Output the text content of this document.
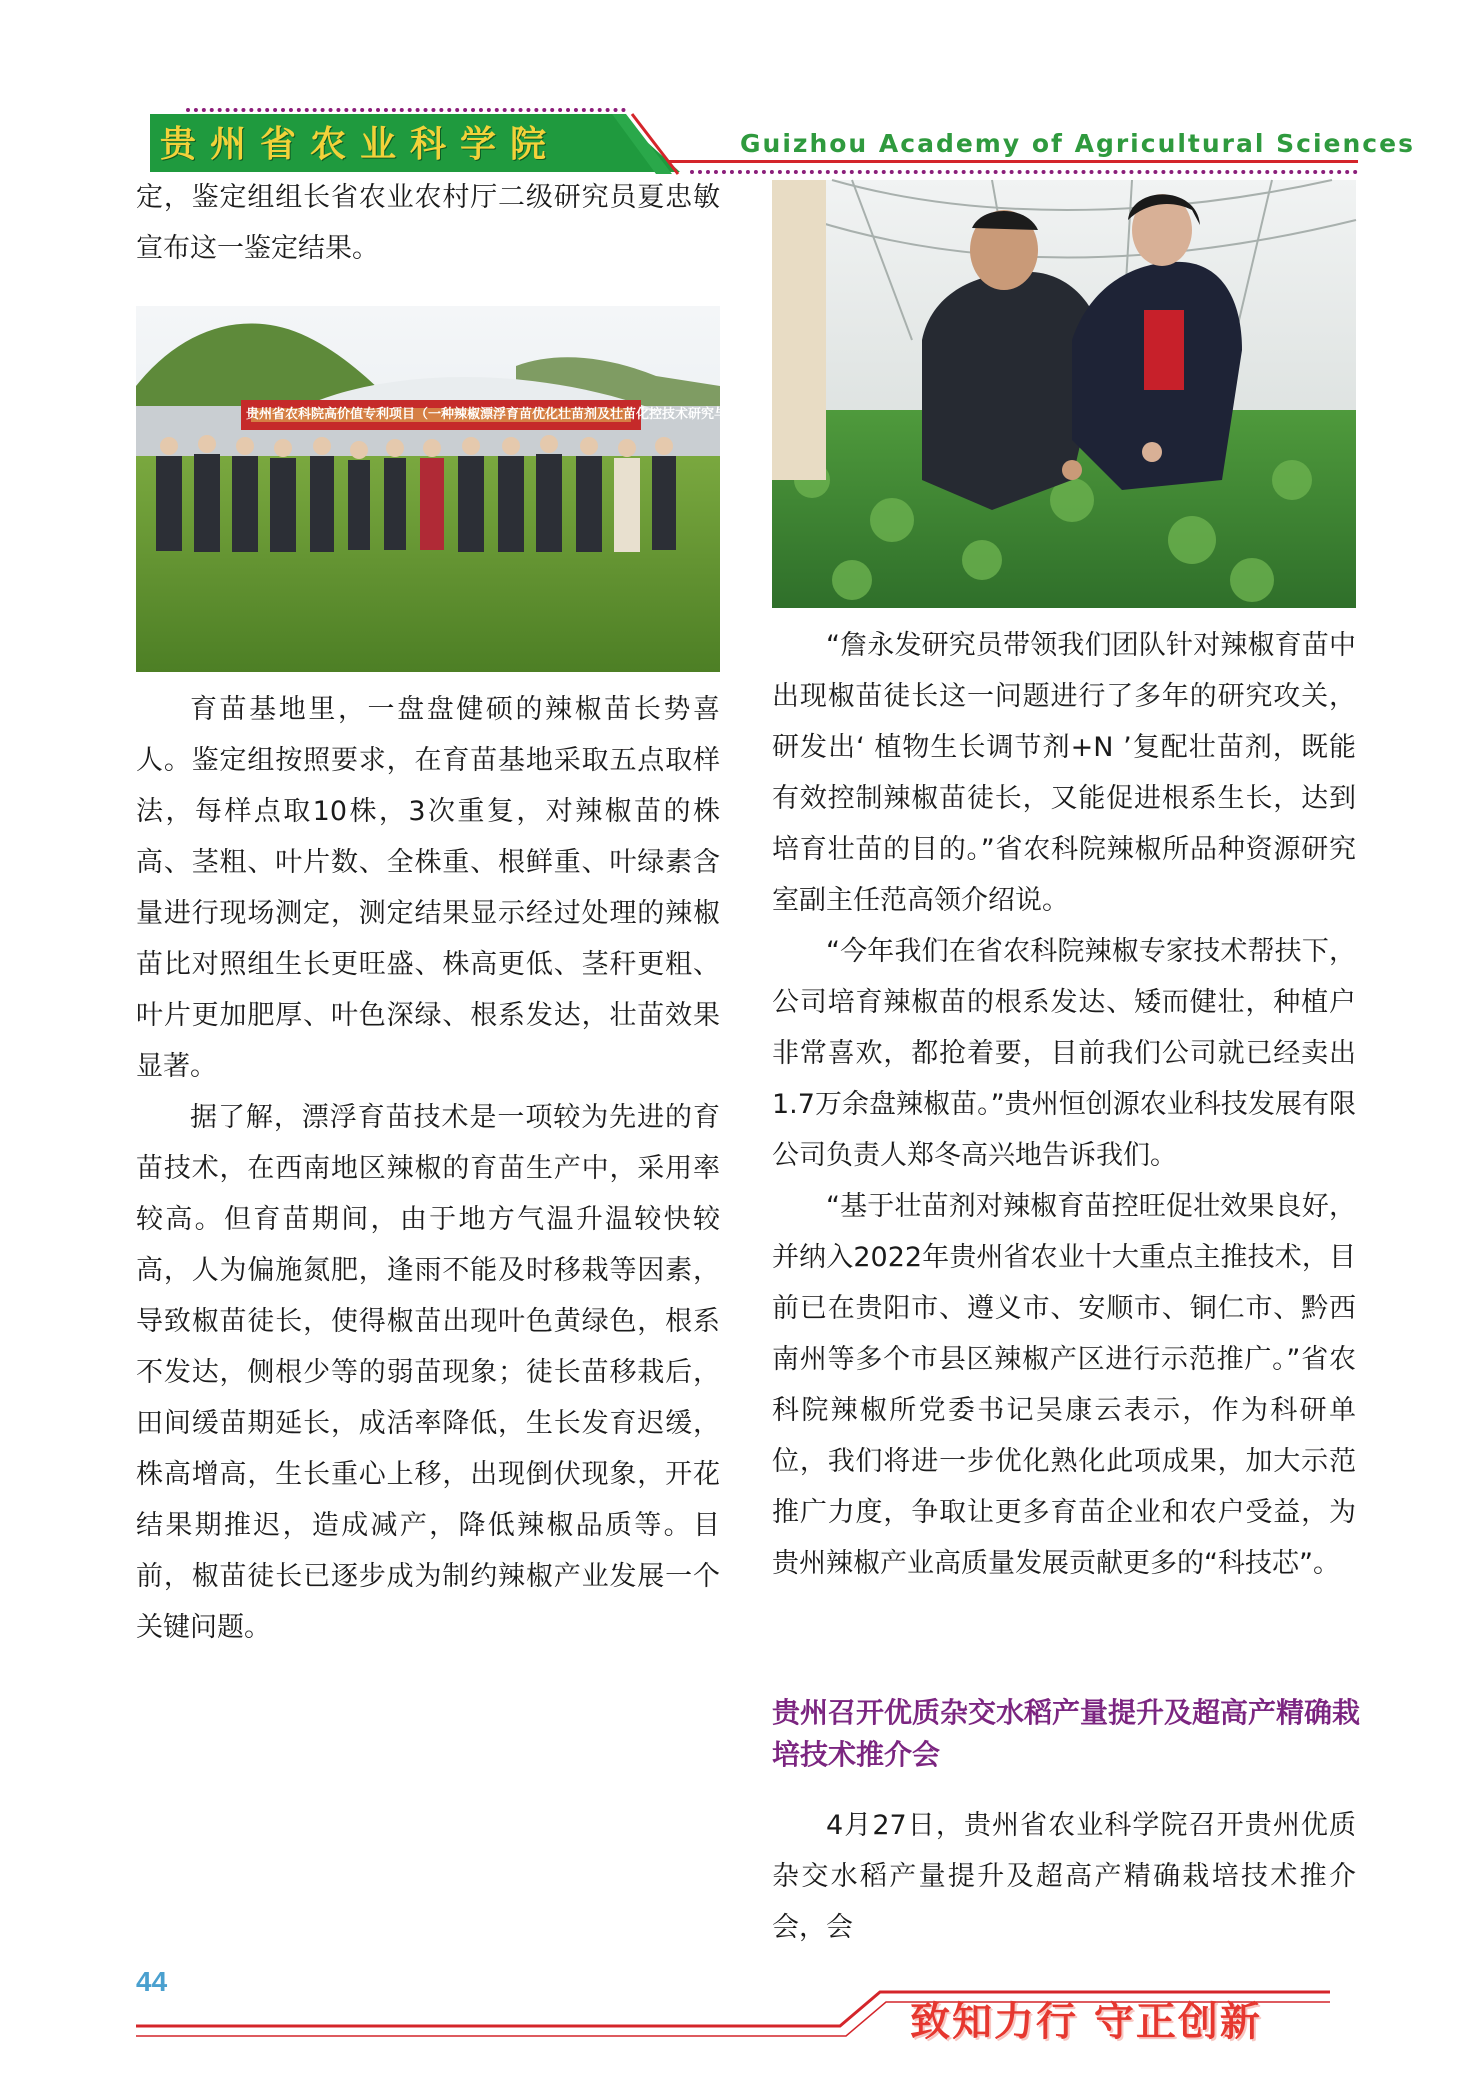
贵州省农业科学院	Guizhou Academy of Agricultural Sciences

定，鉴定组组长省农业农村厅二级研究员夏忠敏宣布这一鉴定结果。

贵州省农科院高价值专利项目（一种辣椒漂浮育苗优化壮苗剂及壮苗化控技术研究与应用）

育苗基地里，一盘盘健硕的辣椒苗长势喜人。鉴定组按照要求，在育苗基地采取五点取样法，每样点取10株，3次重复，对辣椒苗的株高、茎粗、叶片数、全株重、根鲜重、叶绿素含量进行现场测定，测定结果显示经过处理的辣椒苗比对照组生长更旺盛、株高更低、茎秆更粗、叶片更加肥厚、叶色深绿、根系发达，壮苗效果显著。

据了解，漂浮育苗技术是一项较为先进的育苗技术，在西南地区辣椒的育苗生产中，采用率较高。但育苗期间，由于地方气温升温较快较高，人为偏施氮肥，逢雨不能及时移栽等因素，导致椒苗徒长，使得椒苗出现叶色黄绿色，根系不发达，侧根少等的弱苗现象；徒长苗移栽后，田间缓苗期延长，成活率降低，生长发育迟缓，株高增高，生长重心上移，出现倒伏现象，开花结果期推迟，造成减产，降低辣椒品质等。目前，椒苗徒长已逐步成为制约辣椒产业发展一个关键问题。

“詹永发研究员带领我们团队针对辣椒育苗中出现椒苗徒长这一问题进行了多年的研究攻关，研发出‘ 植物生长调节剂+N ’复配壮苗剂，既能有效控制辣椒苗徒长，又能促进根系生长，达到培育壮苗的目的。”省农科院辣椒所品种资源研究室副主任范高领介绍说。

“今年我们在省农科院辣椒专家技术帮扶下，公司培育辣椒苗的根系发达、矮而健壮，种植户非常喜欢，都抢着要，目前我们公司就已经卖出1.7万余盘辣椒苗。”贵州恒创源农业科技发展有限公司负责人郑冬高兴地告诉我们。

“基于壮苗剂对辣椒育苗控旺促壮效果良好，并纳入2022年贵州省农业十大重点主推技术，目前已在贵阳市、遵义市、安顺市、铜仁市、黔西南州等多个市县区辣椒产区进行示范推广。”省农科院辣椒所党委书记吴康云表示，作为科研单位，我们将进一步优化熟化此项成果，加大示范推广力度，争取让更多育苗企业和农户受益，为贵州辣椒产业高质量发展贡献更多的“科技芯”。

贵州召开优质杂交水稻产量提升及超高产精确栽培技术推介会

4月27日，贵州省农业科学院召开贵州优质杂交水稻产量提升及超高产精确栽培技术推介会，会

44
致知力行 守正创新
